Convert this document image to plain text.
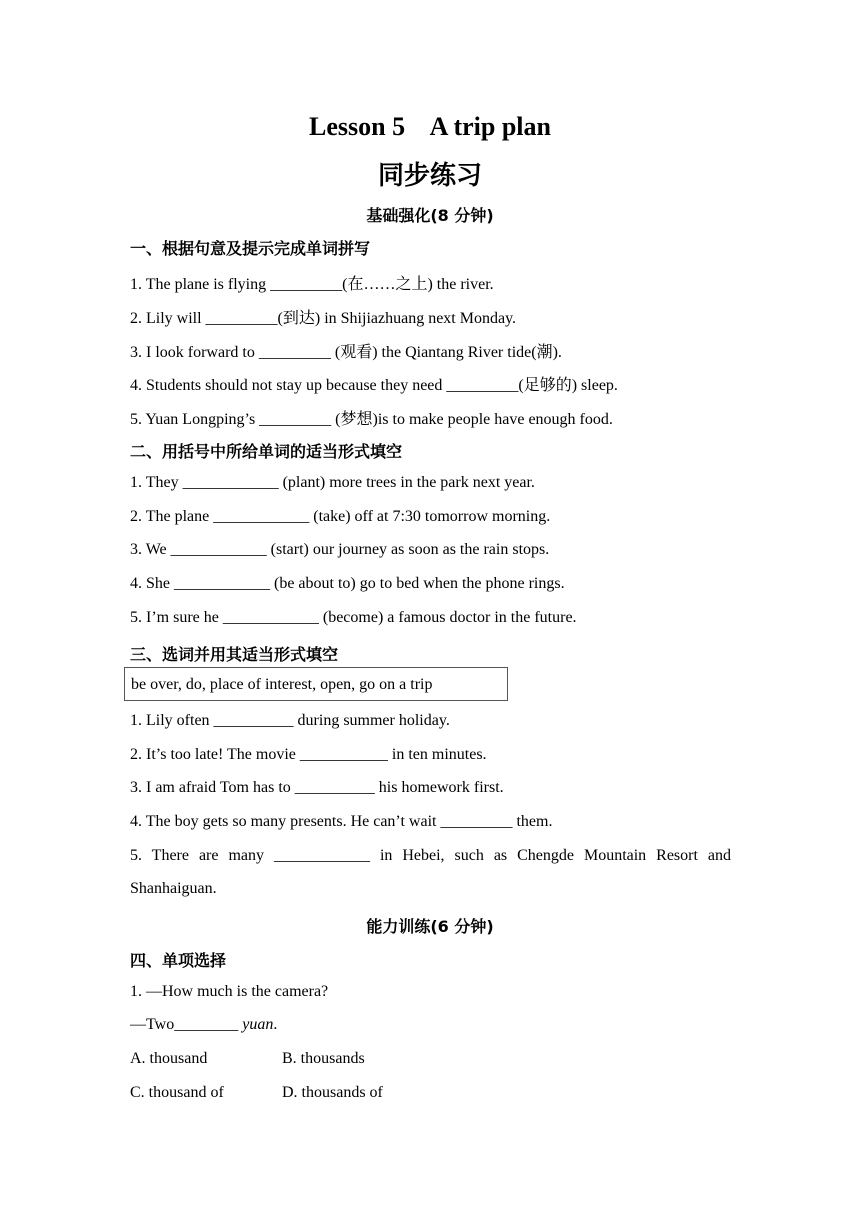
Lesson 5    A trip plan
同步练习
基础强化(8 分钟)
一、根据句意及提示完成单词拼写
1. The plane is flying _________(在……之上) the river.
2. Lily will _________(到达) in Shijiazhuang next Monday.
3. I look forward to _________ (观看) the Qiantang River tide(潮).
4. Students should not stay up because they need _________(足够的) sleep.
5. Yuan Longping’s _________ (梦想)is to make people have enough food.
二、用括号中所给单词的适当形式填空
1. They ____________ (plant) more trees in the park next year.
2. The plane ____________ (take) off at 7:30 tomorrow morning.
3. We ____________ (start) our journey as soon as the rain stops.
4. She ____________ (be about to) go to bed when the phone rings.
5. I’m sure he ____________ (become) a famous doctor in the future.
三、选词并用其适当形式填空
be over, do, place of interest, open, go on a trip
1. Lily often __________ during summer holiday.
2. It’s too late! The movie ___________ in ten minutes.
3. I am afraid Tom has to __________ his homework first.
4. The boy gets so many presents. He can’t wait _________ them.
5. There are many ____________ in Hebei, such as Chengde Mountain Resort and
Shanhaiguan.
能力训练(6 分钟)
四、单项选择
1. —How much is the camera?
—Two________ yuan.
A. thousand	B. thousands
C. thousand of	D. thousands of
